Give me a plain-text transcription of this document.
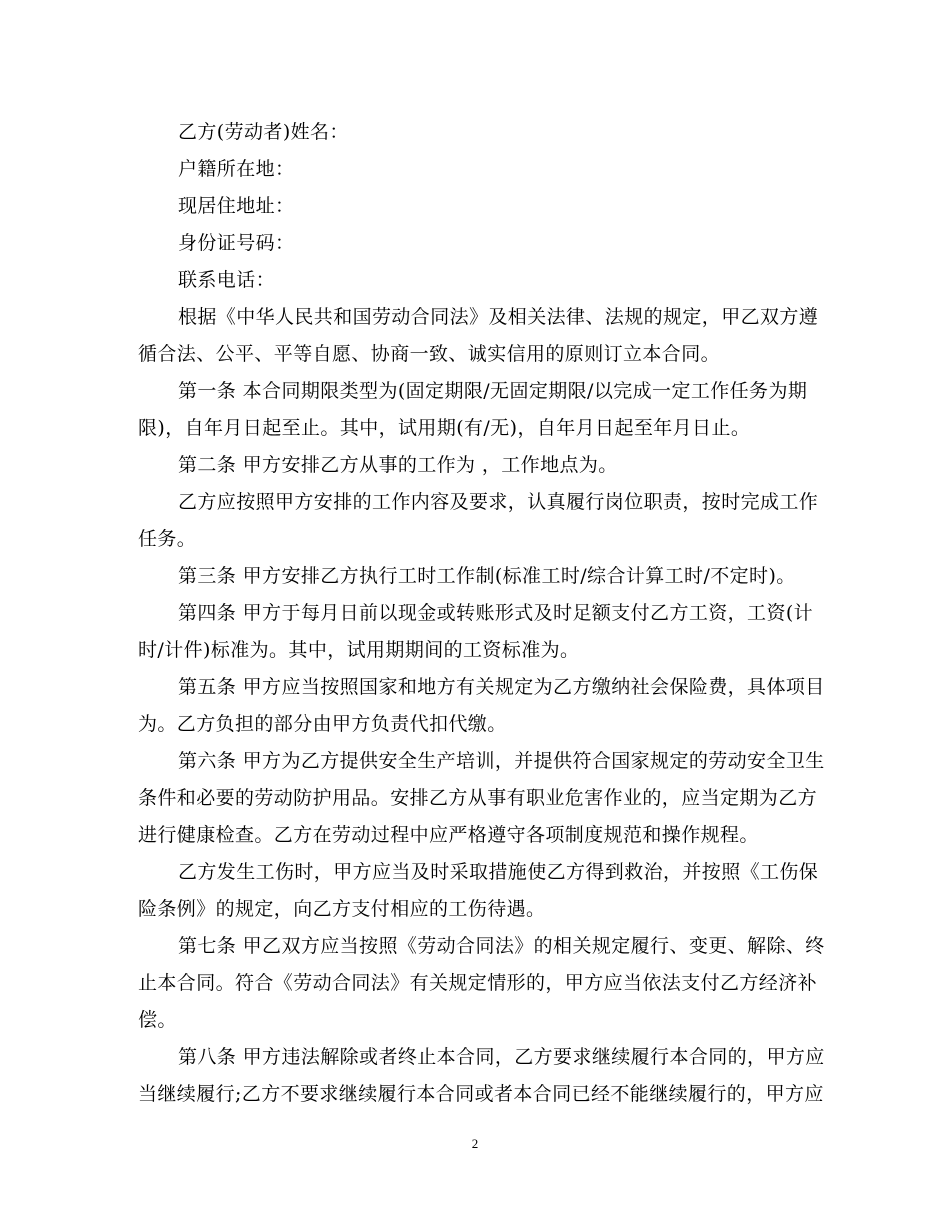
乙方(劳动者)姓名：
户籍所在地：
现居住地址：
身份证号码：
联系电话：
根据《中华人民共和国劳动合同法》及相关法律、法规的规定，甲乙双方遵
循合法、公平、平等自愿、协商一致、诚实信用的原则订立本合同。
第一条 本合同期限类型为(固定期限/无固定期限/以完成一定工作任务为期
限)，自年月日起至止。其中，试用期(有/无)，自年月日起至年月日止。
第二条 甲方安排乙方从事的工作为 ，工作地点为。
乙方应按照甲方安排的工作内容及要求，认真履行岗位职责，按时完成工作
任务。
第三条 甲方安排乙方执行工时工作制(标准工时/综合计算工时/不定时)。
第四条 甲方于每月日前以现金或转账形式及时足额支付乙方工资，工资(计
时/计件)标准为。其中，试用期期间的工资标准为。
第五条 甲方应当按照国家和地方有关规定为乙方缴纳社会保险费，具体项目
为。乙方负担的部分由甲方负责代扣代缴。
第六条 甲方为乙方提供安全生产培训，并提供符合国家规定的劳动安全卫生
条件和必要的劳动防护用品。安排乙方从事有职业危害作业的，应当定期为乙方
进行健康检查。乙方在劳动过程中应严格遵守各项制度规范和操作规程。
乙方发生工伤时，甲方应当及时采取措施使乙方得到救治，并按照《工伤保
险条例》的规定，向乙方支付相应的工伤待遇。
第七条 甲乙双方应当按照《劳动合同法》的相关规定履行、变更、解除、终
止本合同。符合《劳动合同法》有关规定情形的，甲方应当依法支付乙方经济补
偿。
第八条 甲方违法解除或者终止本合同，乙方要求继续履行本合同的，甲方应
当继续履行;乙方不要求继续履行本合同或者本合同已经不能继续履行的，甲方应
2
